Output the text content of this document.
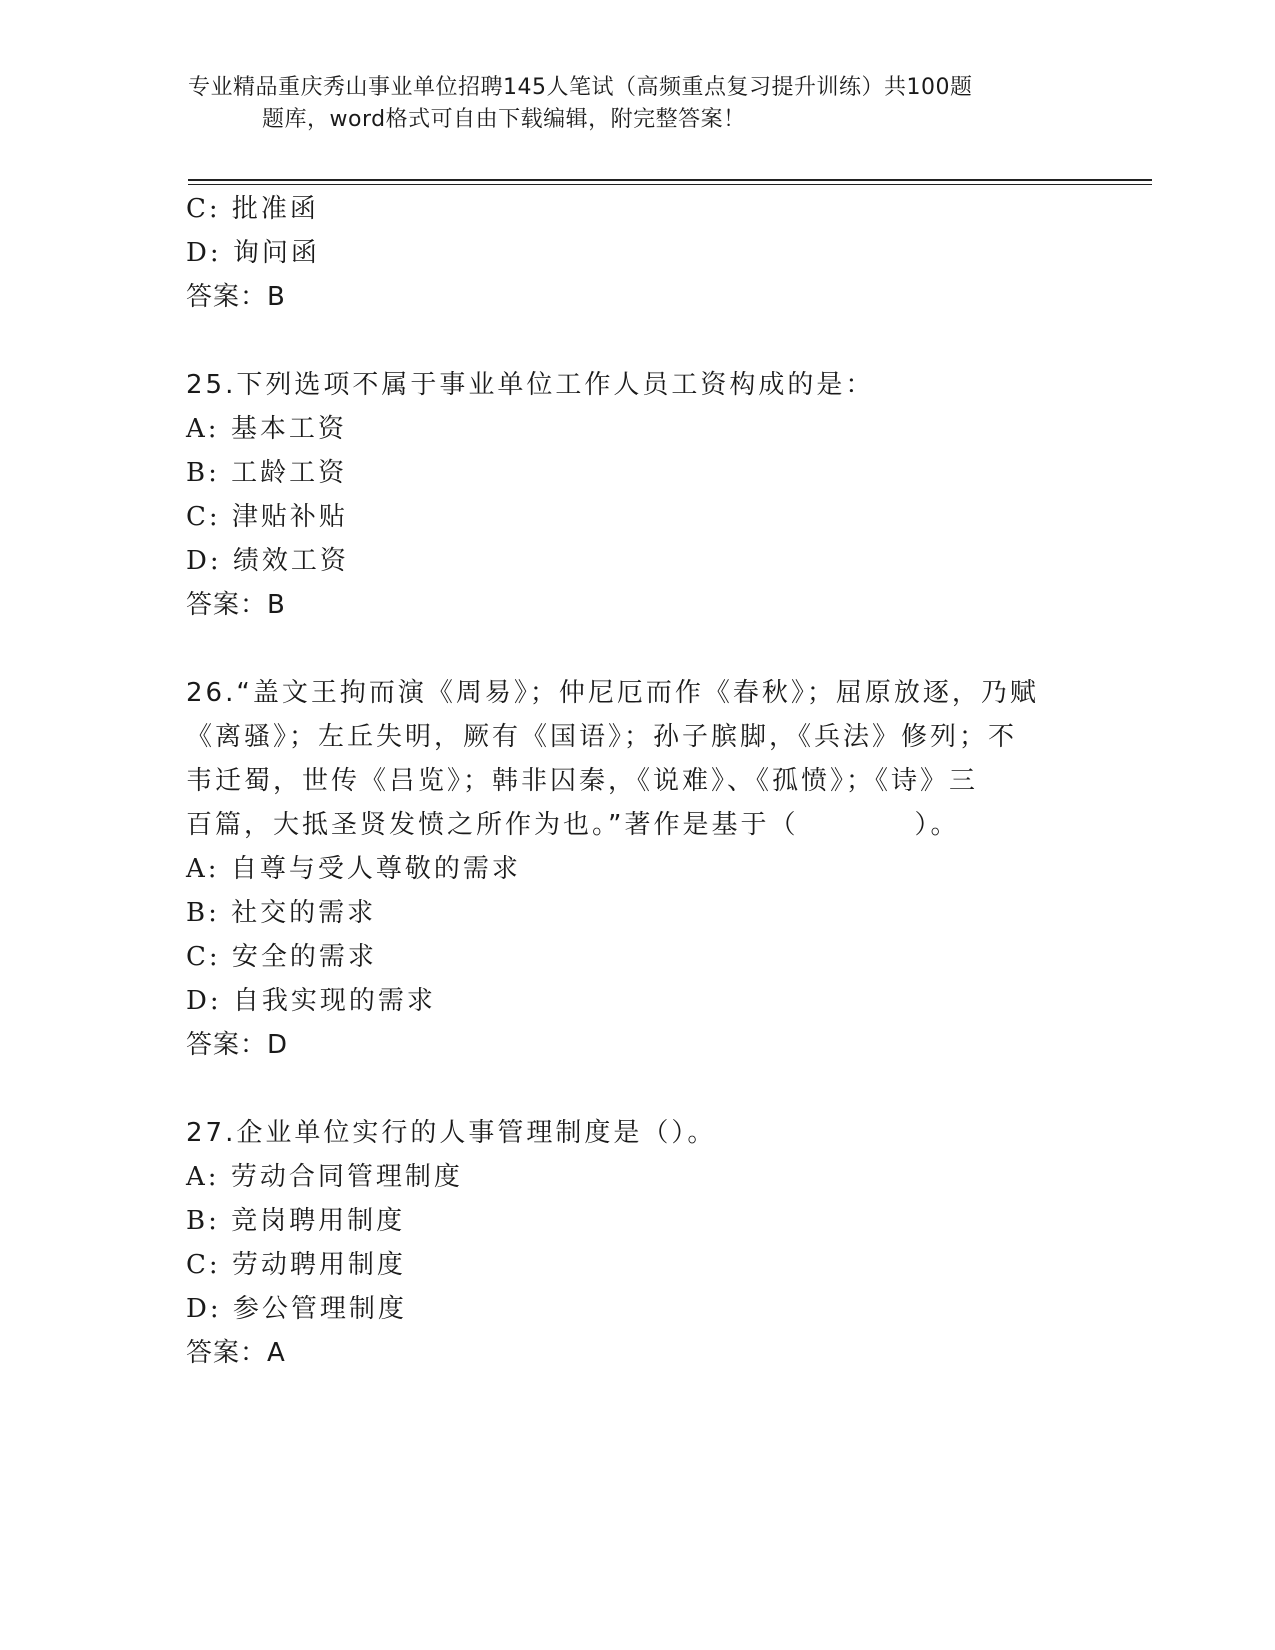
专业精品重庆秀山事业单位招聘145人笔试（高频重点复习提升训练）共100题
题库，word格式可自由下载编辑，附完整答案！
C: 批准函
D: 询问函
答案：B
25.下列选项不属于事业单位工作人员工资构成的是：
A: 基本工资
B: 工龄工资
C: 津贴补贴
D: 绩效工资
答案：B
26.“盖文王拘而演《周易》；仲尼厄而作《春秋》；屈原放逐，乃赋
《离骚》；左丘失明，厥有《国语》；孙子膑脚，《兵法》修列；不
韦迁蜀，世传《吕览》；韩非囚秦，《说难》、《孤愤》；《诗》三
百篇，大抵圣贤发愤之所作为也。”著作是基于（　　　　）。
A: 自尊与受人尊敬的需求
B: 社交的需求
C: 安全的需求
D: 自我实现的需求
答案：D
27.企业单位实行的人事管理制度是（）。
A: 劳动合同管理制度
B: 竞岗聘用制度
C: 劳动聘用制度
D: 参公管理制度
答案：A
